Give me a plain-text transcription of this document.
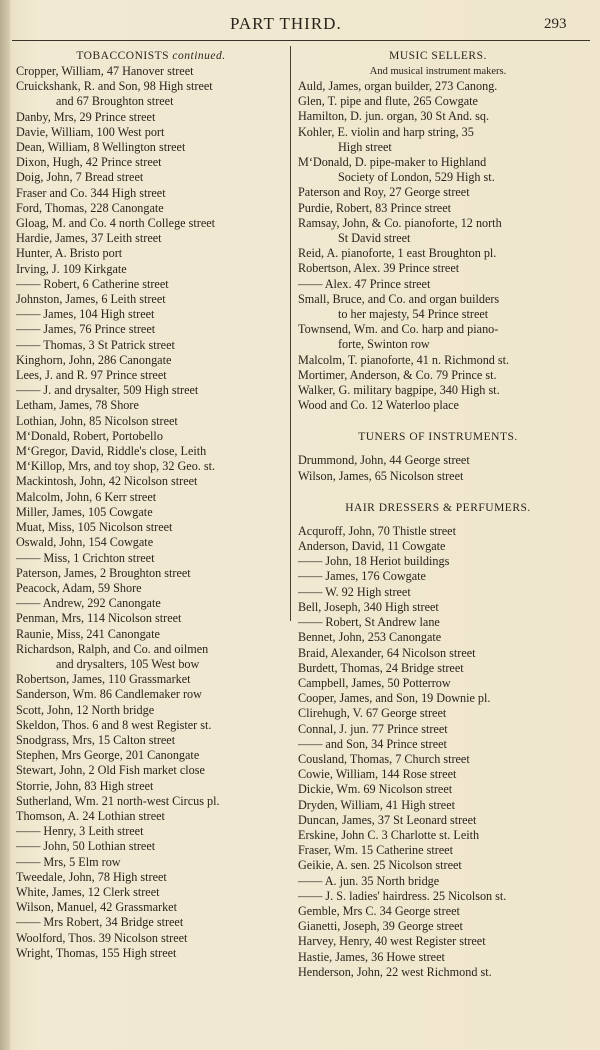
PART THIRD.	293

TOBACCONISTS continued.

Cropper, William, 47 Hanover street

Cruickshank, R. and Son, 98 High street

and 67 Broughton street

Danby, Mrs, 29 Prince street

Davie, William, 100 West port

Dean, William, 8 Wellington street

Dixon, Hugh, 42 Prince street

Doig, John, 7 Bread street

Fraser and Co. 344 High street

Ford, Thomas, 228 Canongate

Gloag, M. and Co. 4 north College street

Hardie, James, 37 Leith street

Hunter, A. Bristo port

Irving, J. 109 Kirkgate

—— Robert, 6 Catherine street

Johnston, James, 6 Leith street

—— James, 104 High street

—— James, 76 Prince street

—— Thomas, 3 St Patrick street

Kinghorn, John, 286 Canongate

Lees, J. and R. 97 Prince street

—— J. and drysalter, 509 High street

Letham, James, 78 Shore

Lothian, John, 85 Nicolson street

M‘Donald, Robert, Portobello

M‘Gregor, David, Riddle's close, Leith

M‘Killop, Mrs, and toy shop, 32 Geo. st.

Mackintosh, John, 42 Nicolson street

Malcolm, John, 6 Kerr street

Miller, James, 105 Cowgate

Muat, Miss, 105 Nicolson street

Oswald, John, 154 Cowgate

—— Miss, 1 Crichton street

Paterson, James, 2 Broughton street

Peacock, Adam, 59 Shore

—— Andrew, 292 Canongate

Penman, Mrs, 114 Nicolson street

Raunie, Miss, 241 Canongate

Richardson, Ralph, and Co. and oilmen

and drysalters, 105 West bow

Robertson, James, 110 Grassmarket

Sanderson, Wm. 86 Candlemaker row

Scott, John, 12 North bridge

Skeldon, Thos. 6 and 8 west Register st.

Snodgrass, Mrs, 15 Calton street

Stephen, Mrs George, 201 Canongate

Stewart, John, 2 Old Fish market close

Storrie, John, 83 High street

Sutherland, Wm. 21 north-west Circus pl.

Thomson, A. 24 Lothian street

—— Henry, 3 Leith street

—— John, 50 Lothian street

—— Mrs, 5 Elm row

Tweedale, John, 78 High street

White, James, 12 Clerk street

Wilson, Manuel, 42 Grassmarket

—— Mrs Robert, 34 Bridge street

Woolford, Thos. 39 Nicolson street

Wright, Thomas, 155 High street

MUSIC SELLERS.

And musical instrument makers.

Auld, James, organ builder, 273 Canong.

Glen, T. pipe and flute, 265 Cowgate

Hamilton, D. jun. organ, 30 St And. sq.

Kohler, E. violin and harp string, 35

High street

M‘Donald, D. pipe-maker to Highland

Society of London, 529 High st.

Paterson and Roy, 27 George street

Purdie, Robert, 83 Prince street

Ramsay, John, & Co. pianoforte, 12 north

St David street

Reid, A. pianoforte, 1 east Broughton pl.

Robertson, Alex. 39 Prince street

—— Alex. 47 Prince street

Small, Bruce, and Co. and organ builders

to her majesty, 54 Prince street

Townsend, Wm. and Co. harp and piano-

forte, Swinton row

Malcolm, T. pianoforte, 41 n. Richmond st.

Mortimer, Anderson, & Co. 79 Prince st.

Walker, G. military bagpipe, 340 High st.

Wood and Co. 12 Waterloo place

TUNERS OF INSTRUMENTS.

Drummond, John, 44 George street

Wilson, James, 65 Nicolson street

HAIR DRESSERS & PERFUMERS.

Acquroff, John, 70 Thistle street

Anderson, David, 11 Cowgate

—— John, 18 Heriot buildings

—— James, 176 Cowgate

—— W. 92 High street

Bell, Joseph, 340 High street

—— Robert, St Andrew lane

Bennet, John, 253 Canongate

Braid, Alexander, 64 Nicolson street

Burdett, Thomas, 24 Bridge street

Campbell, James, 50 Potterrow

Cooper, James, and Son, 19 Downie pl.

Clirehugh, V. 67 George street

Connal, J. jun. 77 Prince street

—— and Son, 34 Prince street

Cousland, Thomas, 7 Church street

Cowie, William, 144 Rose street

Dickie, Wm. 69 Nicolson street

Dryden, William, 41 High street

Duncan, James, 37 St Leonard street

Erskine, John C. 3 Charlotte st. Leith

Fraser, Wm. 15 Catherine street

Geikie, A. sen. 25 Nicolson street

—— A. jun. 35 North bridge

—— J. S. ladies' hairdress. 25 Nicolson st.

Gemble, Mrs C. 34 George street

Gianetti, Joseph, 39 George street

Harvey, Henry, 40 west Register street

Hastie, James, 36 Howe street

Henderson, John, 22 west Richmond st.
